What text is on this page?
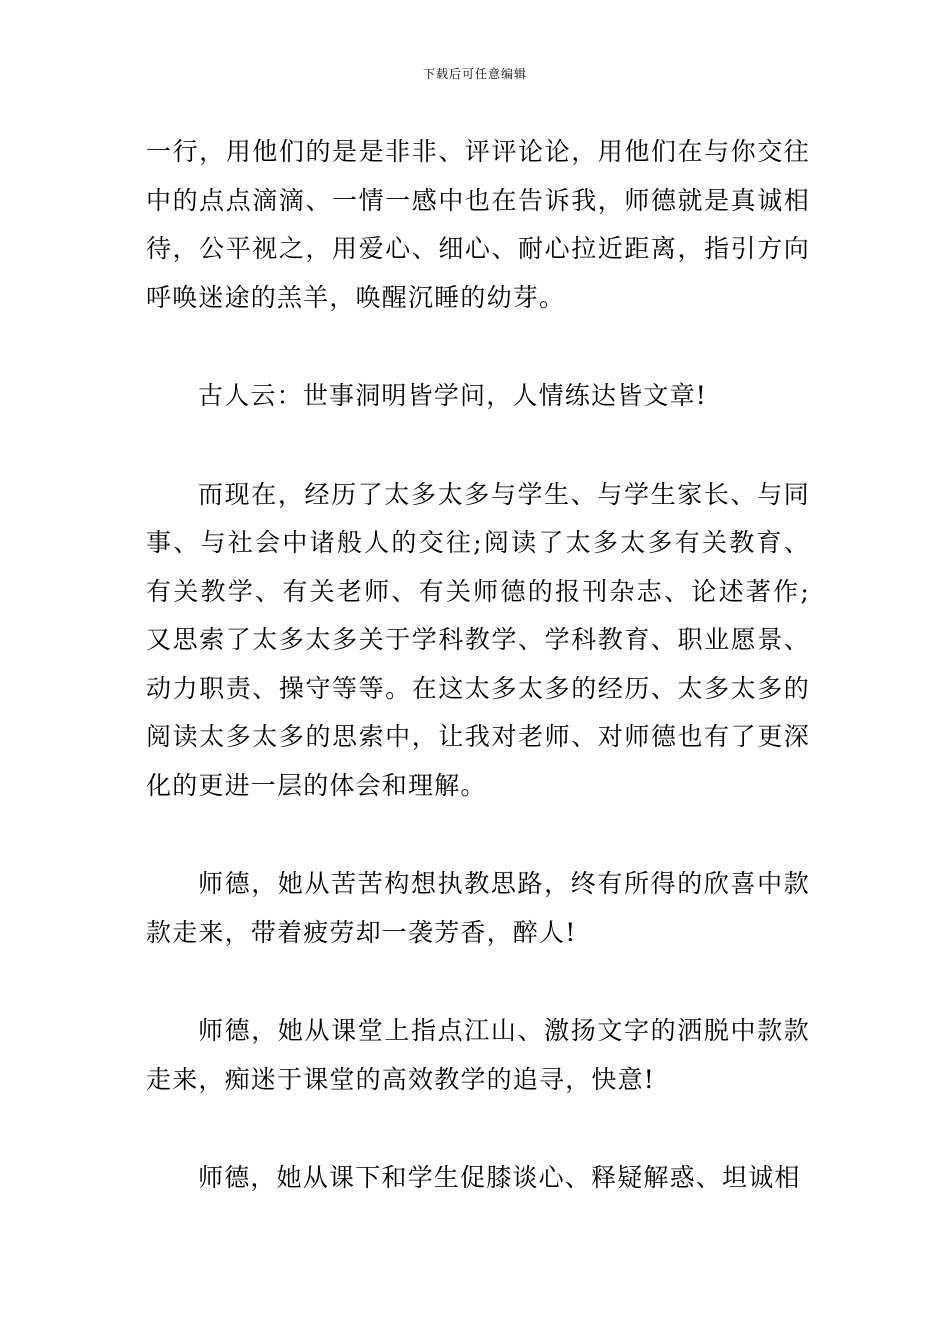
下载后可任意编辑

一行，用他们的是是非非、评评论论，用他们在与你交往中的点点滴滴、一情一感中也在告诉我，师德就是真诚相待，公平视之，用爱心、细心、耐心拉近距离，指引方向呼唤迷途的羔羊，唤醒沉睡的幼芽。

古人云：世事洞明皆学问，人情练达皆文章!

而现在，经历了太多太多与学生、与学生家长、与同事、与社会中诸般人的交往;阅读了太多太多有关教育、有关教学、有关老师、有关师德的报刊杂志、论述著作;又思索了太多太多关于学科教学、学科教育、职业愿景、动力职责、操守等等。在这太多太多的经历、太多太多的阅读太多太多的思索中，让我对老师、对师德也有了更深化的更进一层的体会和理解。

师德，她从苦苦构想执教思路，终有所得的欣喜中款款走来，带着疲劳却一袭芳香，醉人!

师德，她从课堂上指点江山、激扬文字的洒脱中款款走来，痴迷于课堂的高效教学的追寻，快意!

师德，她从课下和学生促膝谈心、释疑解惑、坦诚相
